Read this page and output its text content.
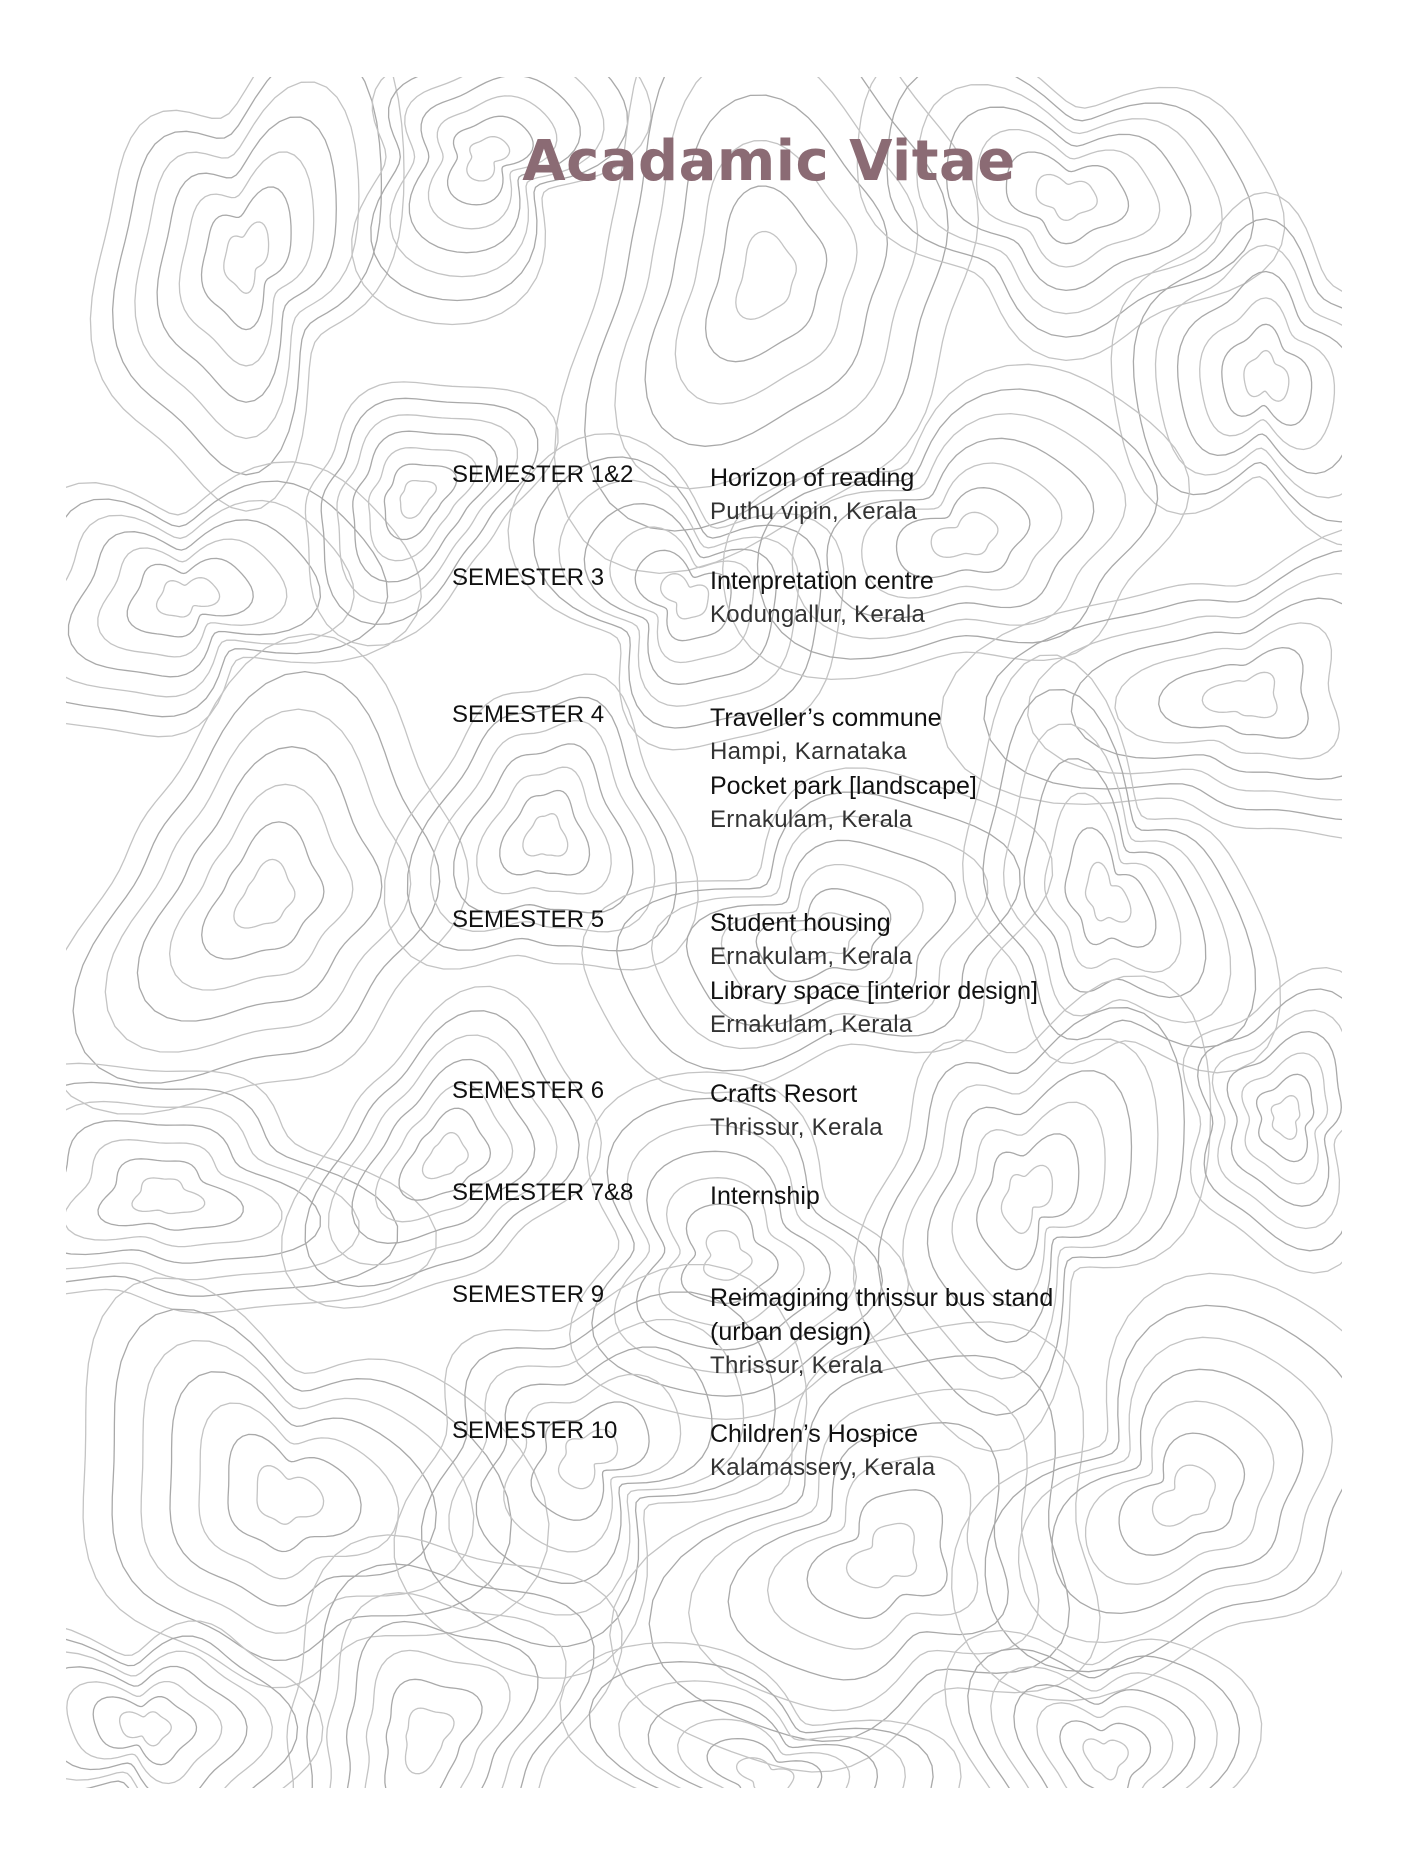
Acadamic Vitae
SEMESTER 1&2	Horizon of reading
Puthu vipin, Kerala
SEMESTER 3	Interpretation centre
Kodungallur, Kerala
SEMESTER 4	Traveller’s commune
Hampi, Karnataka
Pocket park [landscape]
Ernakulam, Kerala
SEMESTER 5	Student housing
Ernakulam, Kerala
Library space [interior design]
Ernakulam, Kerala
SEMESTER 6	Crafts Resort
Thrissur, Kerala
SEMESTER 7&8	Internship
SEMESTER 9	Reimagining thrissur bus stand
(urban design)
Thrissur, Kerala
SEMESTER 10	Children’s Hospice
Kalamassery, Kerala
